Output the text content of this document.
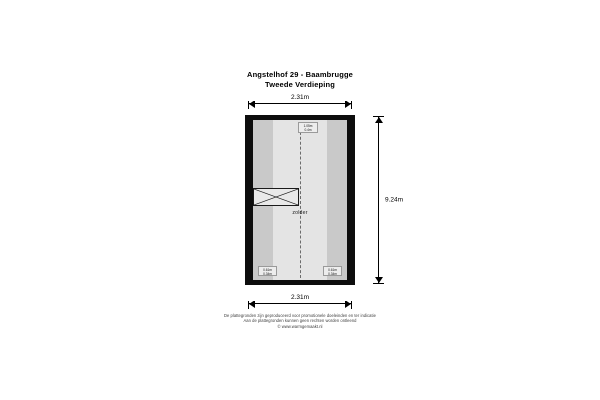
Angstelhof 29 - Baambrugge
Tweede Verdieping
2.31m
9.24m
zolder
1.05m
0.4m
0.61m
0.34m
0.61m
0.34m
2.31m
De plattegronden zijn geproduceerd voor promotionele doeleinden en ter indicatie
Aan de plattegronden kunnen geen rechten worden ontleend
© www.warmgemaakt.nl
